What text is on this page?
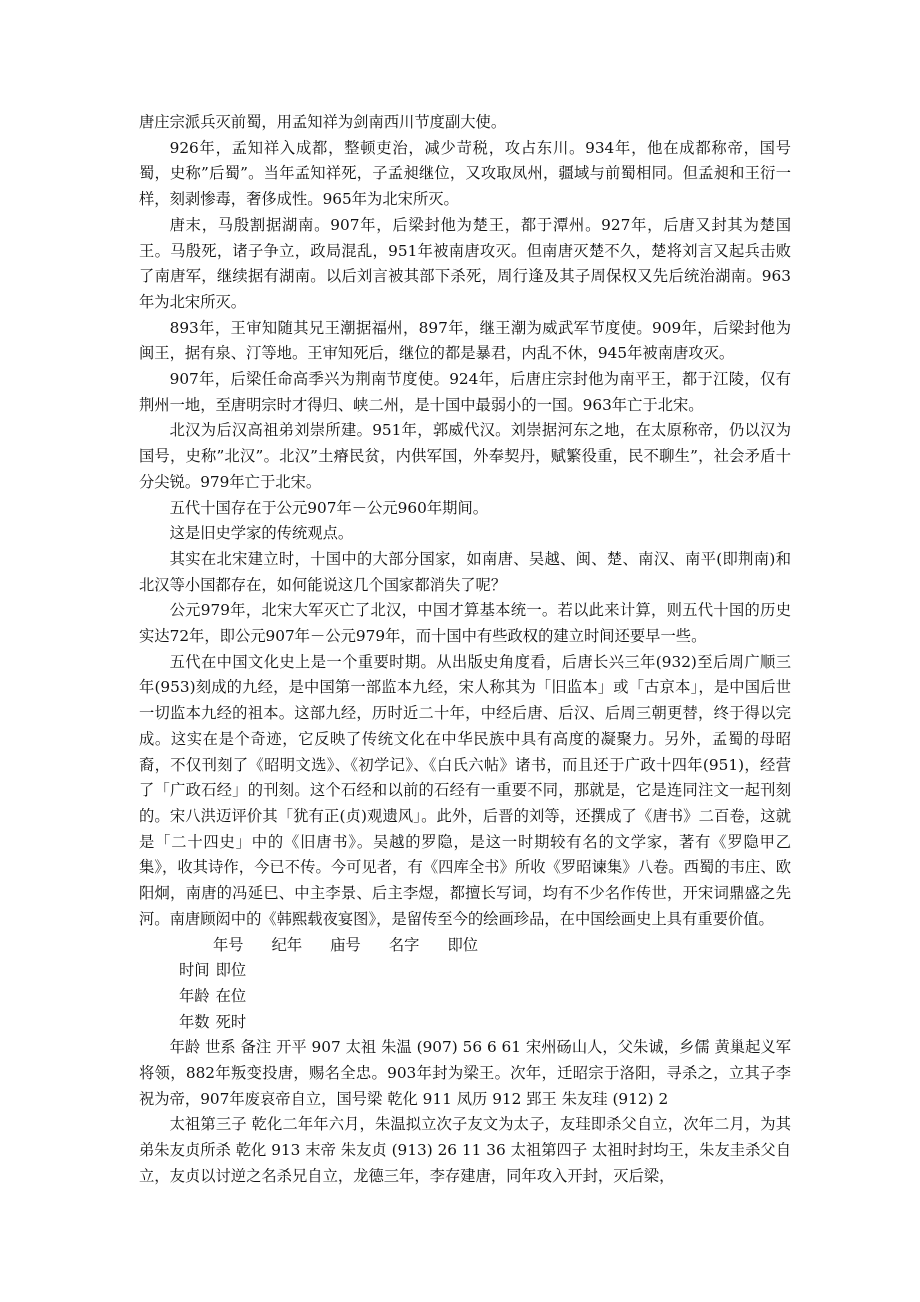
唐庄宗派兵灭前蜀，用孟知祥为剑南西川节度副大使。

926年，孟知祥入成都，整顿吏治，减少苛税，攻占东川。934年，他在成都称帝，国号蜀，史称”后蜀”。当年孟知祥死，子孟昶继位，又攻取凤州，疆域与前蜀相同。但孟昶和王衍一样，刻剥惨毒，奢侈成性。965年为北宋所灭。

唐末，马殷割据湖南。907年，后梁封他为楚王，都于潭州。927年，后唐又封其为楚国王。马殷死，诸子争立，政局混乱，951年被南唐攻灭。但南唐灭楚不久，楚将刘言又起兵击败了南唐军，继续据有湖南。以后刘言被其部下杀死，周行逢及其子周保权又先后统治湖南。963年为北宋所灭。

893年，王审知随其兄王潮据福州，897年，继王潮为威武军节度使。909年，后梁封他为闽王，据有泉、汀等地。王审知死后，继位的都是暴君，内乱不休，945年被南唐攻灭。

907年，后梁任命高季兴为荆南节度使。924年，后唐庄宗封他为南平王，都于江陵，仅有荆州一地，至唐明宗时才得归、峡二州，是十国中最弱小的一国。963年亡于北宋。

北汉为后汉高祖弟刘崇所建。951年，郭威代汉。刘崇据河东之地，在太原称帝，仍以汉为国号，史称”北汉”。北汉”土瘠民贫，内供军国，外奉契丹，赋繁役重，民不聊生”，社会矛盾十分尖锐。979年亡于北宋。

五代十国存在于公元907年－公元960年期间。

这是旧史学家的传统观点。

其实在北宋建立时，十国中的大部分国家，如南唐、吴越、闽、楚、南汉、南平(即荆南)和北汉等小国都存在，如何能说这几个国家都消失了呢？

公元979年，北宋大军灭亡了北汉，中国才算基本统一。若以此来计算，则五代十国的历史实达72年，即公元907年－公元979年，而十国中有些政权的建立时间还要早一些。

五代在中国文化史上是一个重要时期。从出版史角度看，后唐长兴三年(932)至后周广顺三年(953)刻成的九经，是中国第一部监本九经，宋人称其为「旧监本」或「古京本」，是中国后世一切监本九经的祖本。这部九经，历时近二十年，中经后唐、后汉、后周三朝更替，终于得以完成。这实在是个奇迹，它反映了传统文化在中华民族中具有高度的凝聚力。另外，孟蜀的母昭裔，不仅刊刻了《昭明文选》、《初学记》、《白氏六帖》诸书，而且还于广政十四年(951)，经营了「广政石经」的刊刻。这个石经和以前的石经有一重要不同，那就是，它是连同注文一起刊刻的。宋八洪迈评价其「犹有正(贞)观遗风」。此外，后晋的刘等，还撰成了《唐书》二百卷，这就是「二十四史」中的《旧唐书》。吴越的罗隐，是这一时期较有名的文学家，著有《罗隐甲乙集》，收其诗作，今已不传。今可见者，有《四库全书》所收《罗昭谏集》八卷。西蜀的韦庄、欧阳炯，南唐的冯延巳、中主李景、后主李煜，都擅长写词，均有不少名作传世，开宋词鼎盛之先河。南唐顾闳中的《韩熙载夜宴图》，是留传至今的绘画珍品，在中国绘画史上具有重要价值。

年号 纪年 庙号 名字 即位

时间 即位

年龄 在位

年数 死时

年龄 世系 备注 开平 907 太祖 朱温 (907) 56 6 61 宋州砀山人，父朱诚，乡儒 黄巢起义军将领，882年叛变投唐，赐名全忠。903年封为梁王。次年，迁昭宗于洛阳，寻杀之，立其子李祝为帝，907年废哀帝自立，国号梁 乾化 911 凤历 912 郢王 朱友珪 (912) 2

太祖第三子 乾化二年年六月，朱温拟立次子友文为太子，友珪即杀父自立，次年二月，为其弟朱友贞所杀 乾化 913 末帝 朱友贞 (913) 26 11 36 太祖第四子 太祖时封均王，朱友圭杀父自立，友贞以讨逆之名杀兄自立，龙德三年，李存建唐，同年攻入开封，灭后梁，
